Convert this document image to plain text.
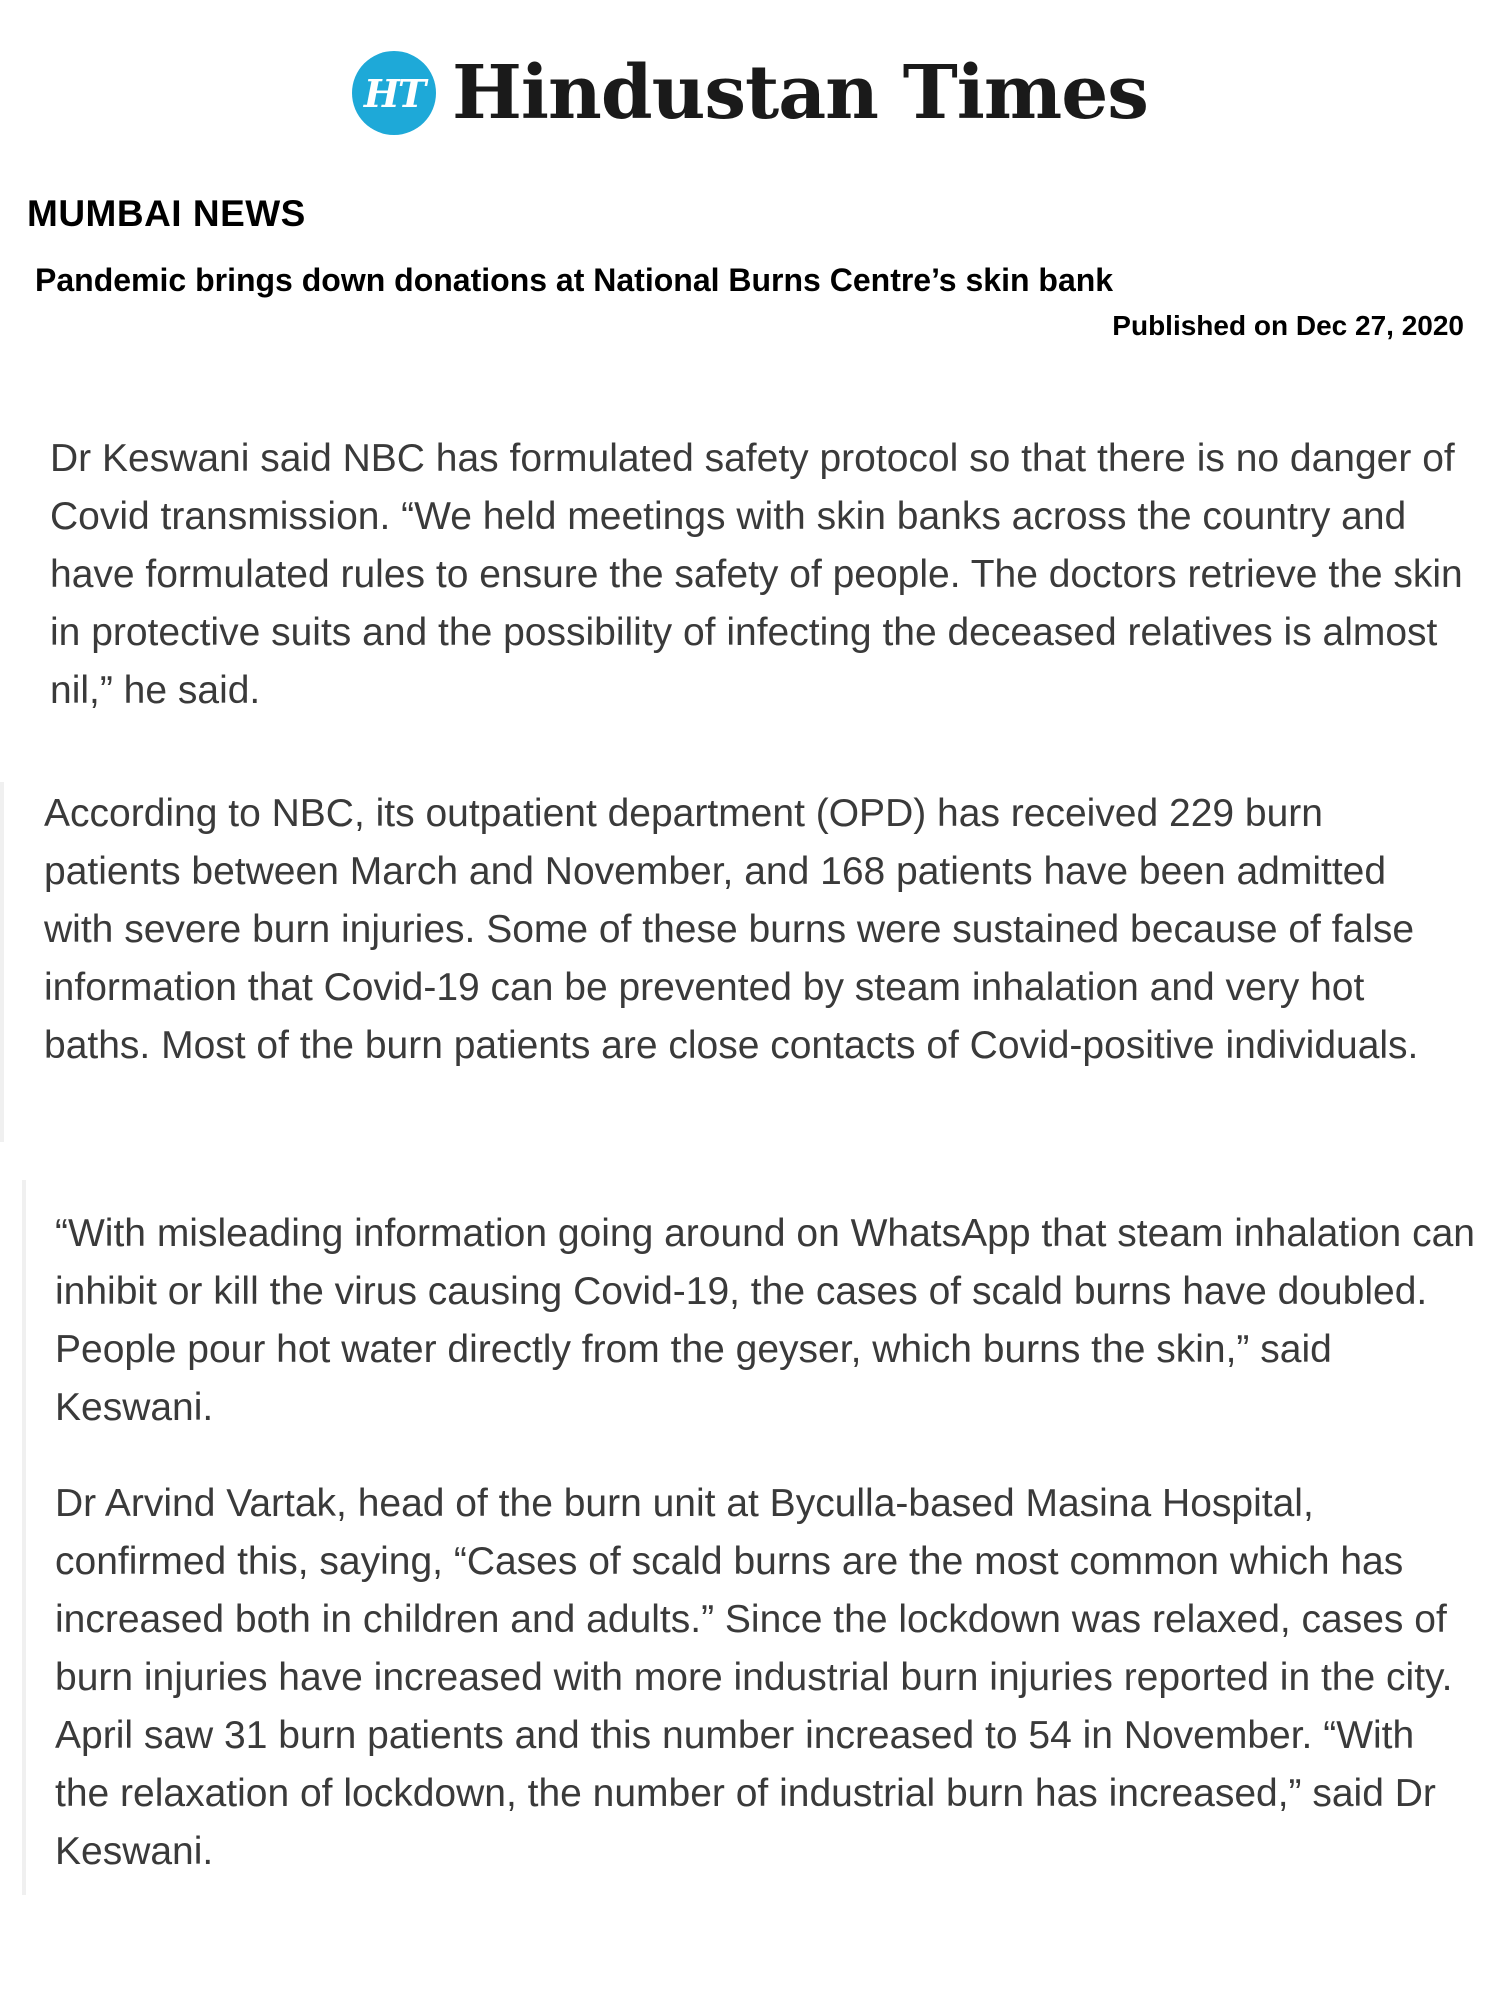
HT Hindustan Times
MUMBAI NEWS
Pandemic brings down donations at National Burns Centre’s skin bank
Published on Dec 27, 2020

Dr Keswani said NBC has formulated safety protocol so that there is no danger of Covid transmission. “We held meetings with skin banks across the country and have formulated rules to ensure the safety of people. The doctors retrieve the skin in protective suits and the possibility of infecting the deceased relatives is almost nil,” he said.

According to NBC, its outpatient department (OPD) has received 229 burn patients between March and November, and 168 patients have been admitted with severe burn injuries. Some of these burns were sustained because of false information that Covid-19 can be prevented by steam inhalation and very hot baths. Most of the burn patients are close contacts of Covid-positive individuals.

“With misleading information going around on WhatsApp that steam inhalation can inhibit or kill the virus causing Covid-19, the cases of scald burns have doubled. People pour hot water directly from the geyser, which burns the skin,” said Keswani.

Dr Arvind Vartak, head of the burn unit at Byculla-based Masina Hospital, confirmed this, saying, “Cases of scald burns are the most common which has increased both in children and adults.” Since the lockdown was relaxed, cases of burn injuries have increased with more industrial burn injuries reported in the city. April saw 31 burn patients and this number increased to 54 in November. “With the relaxation of lockdown, the number of industrial burn has increased,” said Dr Keswani.
